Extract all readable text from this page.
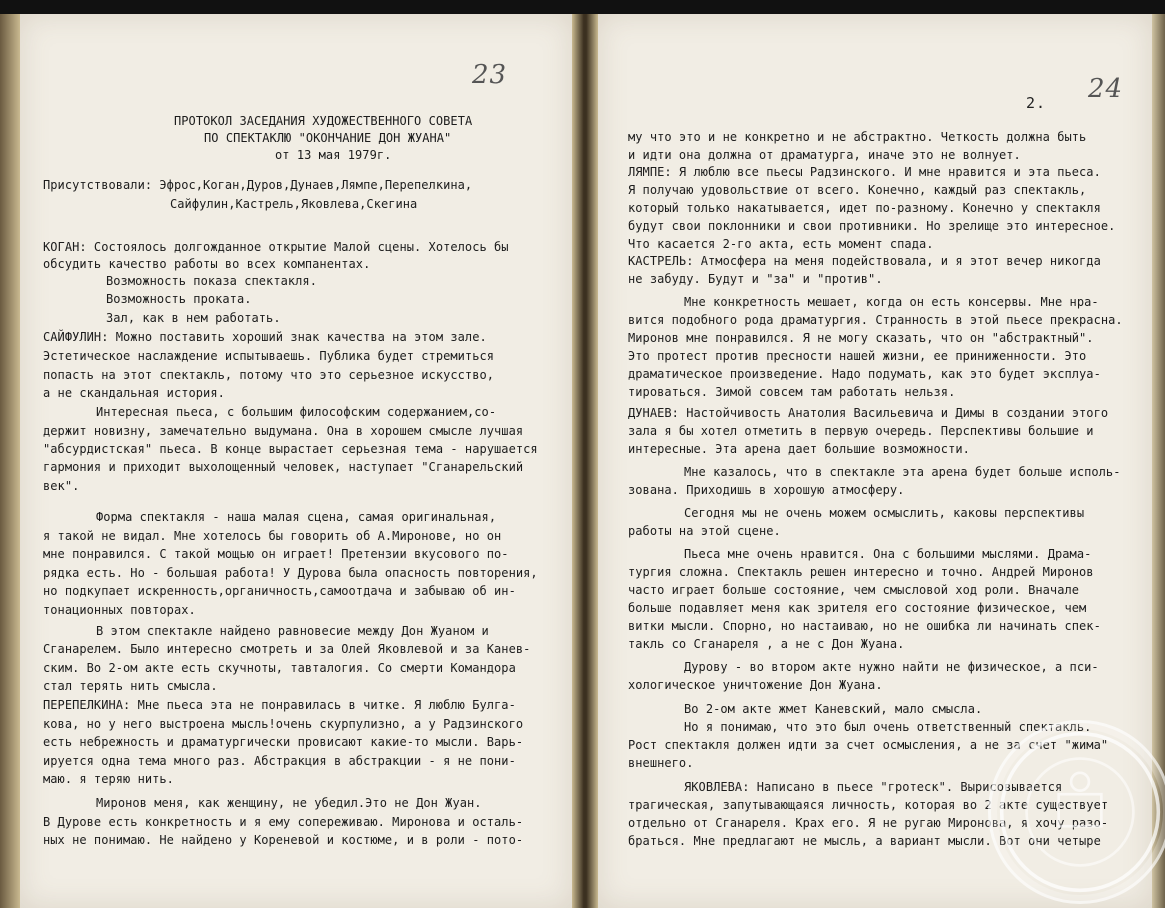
23
ПРОТОКОЛ ЗАСЕДАНИЯ ХУДОЖЕСТВЕННОГО СОВЕТА
ПО СПЕКТАКЛЮ "ОКОНЧАНИЕ ДОН ЖУАНА"
от 13 мая 1979г.
Присутствовали: Эфрос,Коган,Дуров,Дунаев,Лямпе,Перепелкина,
Сайфулин,Кастрель,Яковлева,Скегина
КОГАН: Состоялось долгожданное открытие Малой сцены. Хотелось бы
обсудить качество работы во всех компанентах.
Возможность показа спектакля.
Возможность проката.
Зал, как в нем работать.
САЙФУЛИН: Можно поставить хороший знак качества на этом зале.
Эстетическое наслаждение испытываешь. Публика будет стремиться
попасть на этот спектакль, потому что это серьезное искусство,
а не скандальная история.
Интересная пьеса, с большим философским содержанием,со-
держит новизну, замечательно выдумана. Она в хорошем смысле лучшая
"абсурдистская" пьеса. В конце вырастает серьезная тема - нарушается
гармония и приходит выхолощенный человек, наступает "Сганарельский
век".
Форма спектакля - наша малая сцена, самая оригинальная,
я такой не видал. Мне хотелось бы говорить об А.Миронове, но он
мне понравился. С такой мощью он играет! Претензии вкусового по-
рядка есть. Но - большая работа! У Дурова была опасность повторения,
но подкупает искренность,органичность,самоотдача и забываю об ин-
тонационных повторах.
В этом спектакле найдено равновесие между Дон Жуаном и
Сганарелем. Было интересно смотреть и за Олей Яковлевой и за Канев-
ским. Во 2-ом акте есть скучноты, тавталогия. Со смерти Командора
стал терять нить смысла.
ПЕРЕПЕЛКИНА: Мне пьеса эта не понравилась в читке. Я люблю Булга-
кова, но у него выстроена мысль!очень скурпулизно, а у Радзинского
есть небрежность и драматургически провисают какие-то мысли. Варь-
ируется одна тема много раз. Абстракция в абстракции - я не пони-
маю. я теряю нить.
Миронов меня, как женщину, не убедил.Это не Дон Жуан.
В Дурове есть конкретность и я ему сопереживаю. Миронова и осталь-
ных не понимаю. Не найдено у Кореневой и костюме, и в роли - пото-
2. 24
му что это и не конкретно и не абстрактно. Четкость должна быть
и идти она должна от драматурга, иначе это не волнует.
ЛЯМПЕ: Я люблю все пьесы Радзинского. И мне нравится и эта пьеса.
Я получаю удовольствие от всего. Конечно, каждый раз спектакль,
который только накатывается, идет по-разному. Конечно у спектакля
будут свои поклонники и свои противники. Но зрелище это интересное.
Что касается 2-го акта, есть момент спада.
КАСТРЕЛЬ: Атмосфера на меня подействовала, и я этот вечер никогда
не забуду. Будут и "за" и "против".
Мне конкретность мешает, когда он есть консервы. Мне нра-
вится подобного рода драматургия. Странность в этой пьесе прекрасна.
Миронов мне понравился. Я не могу сказать, что он "абстрактный".
Это протест против пресности нашей жизни, ее приниженности. Это
драматическое произведение. Надо подумать, как это будет эксплуа-
тироваться. Зимой совсем там работать нельзя.
ДУНАЕВ: Настойчивость Анатолия Васильевича и Димы в создании этого
зала я бы хотел отметить в первую очередь. Перспективы большие и
интересные. Эта арена дает большие возможности.
Мне казалось, что в спектакле эта арена будет больше исполь-
зована. Приходишь в хорошую атмосферу.
Сегодня мы не очень можем осмыслить, каковы перспективы
работы на этой сцене.
Пьеса мне очень нравится. Она с большими мыслями. Драма-
тургия сложна. Спектакль решен интересно и точно. Андрей Миронов
часто играет больше состояние, чем смысловой ход роли. Вначале
больше подавляет меня как зрителя его состояние физическое, чем
витки мысли. Спорно, но настаиваю, но не ошибка ли начинать спек-
такль со Сганареля , а не с Дон Жуана.
Дурову - во втором акте нужно найти не физическое, а пси-
хологическое уничтожение Дон Жуана.
Во 2-ом акте жмет Каневский, мало смысла.
Но я понимаю, что это был очень ответственный спектакль.
Рост спектакля должен идти за счет осмысления, а не за счет "жима"
внешнего.
ЯКОВЛЕВА: Написано в пьесе "гротеск". Вырисовывается
трагическая, запутывающаяся личность, которая во 2 акте существует
отдельно от Сганареля. Крах его. Я не ругаю Миронова, я хочу разо-
браться. Мне предлагают не мысль, а вариант мысли. Вот они четыре
